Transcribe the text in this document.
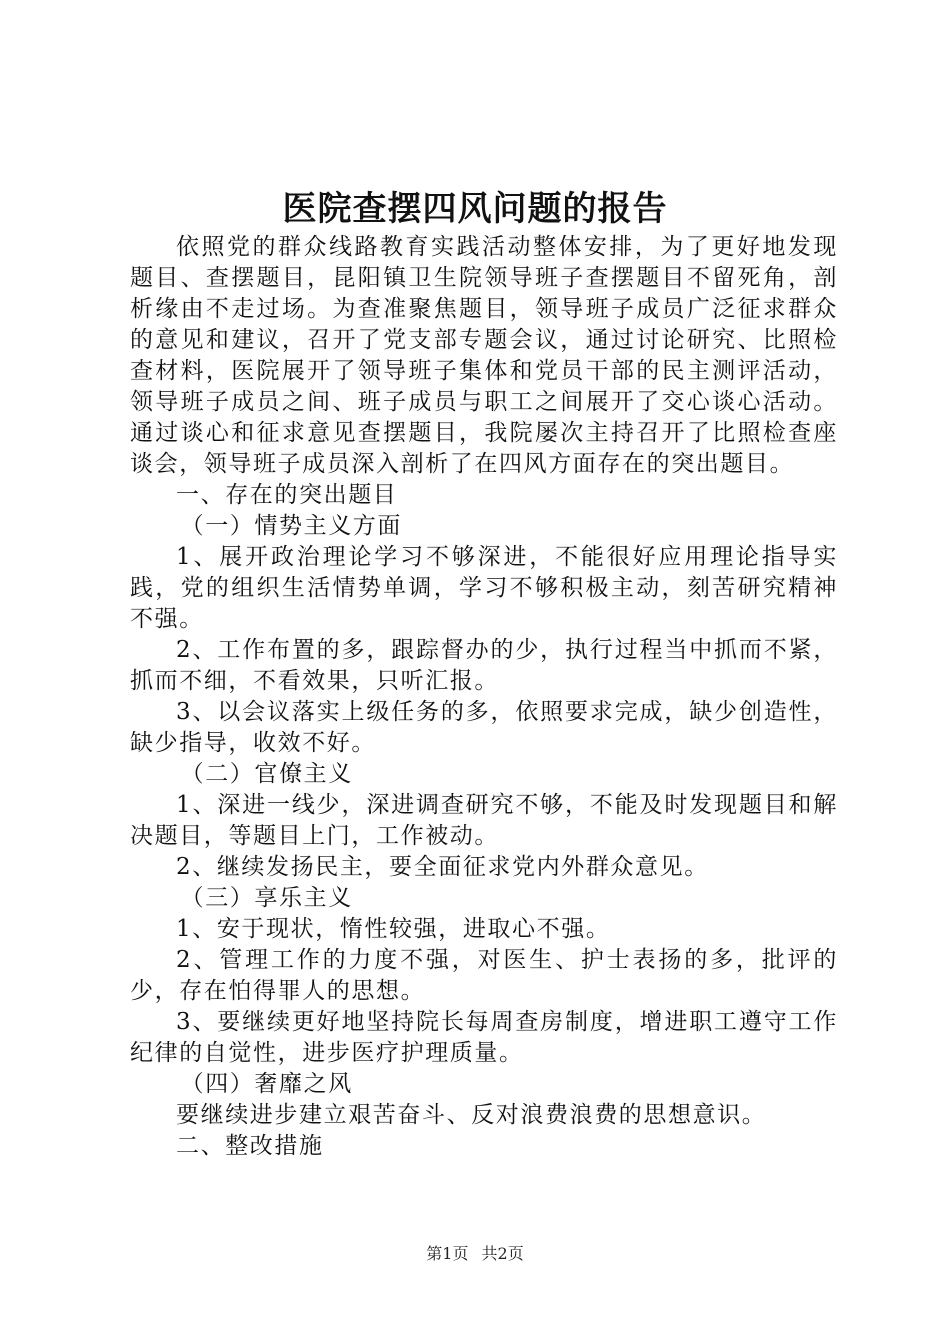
医院查摆四风问题的报告

依照党的群众线路教育实践活动整体安排，为了更好地发现题目、查摆题目，昆阳镇卫生院领导班子查摆题目不留死角，剖析缘由不走过场。为查准聚焦题目，领导班子成员广泛征求群众的意见和建议，召开了党支部专题会议，通过讨论研究、比照检查材料，医院展开了领导班子集体和党员干部的民主测评活动，领导班子成员之间、班子成员与职工之间展开了交心谈心活动。通过谈心和征求意见查摆题目，我院屡次主持召开了比照检查座谈会，领导班子成员深入剖析了在四风方面存在的突出题目。

一、存在的突出题目

（一）情势主义方面

1、展开政治理论学习不够深进，不能很好应用理论指导实践，党的组织生活情势单调，学习不够积极主动，刻苦研究精神不强。

2、工作布置的多，跟踪督办的少，执行过程当中抓而不紧，抓而不细，不看效果，只听汇报。

3、以会议落实上级任务的多，依照要求完成，缺少创造性，缺少指导，收效不好。

（二）官僚主义

1、深进一线少，深进调查研究不够，不能及时发现题目和解决题目，等题目上门，工作被动。

2、继续发扬民主，要全面征求党内外群众意见。

（三）享乐主义

1、安于现状，惰性较强，进取心不强。

2、管理工作的力度不强，对医生、护士表扬的多，批评的少，存在怕得罪人的思想。

3、要继续更好地坚持院长每周查房制度，增进职工遵守工作纪律的自觉性，进步医疗护理质量。

（四）奢靡之风

要继续进步建立艰苦奋斗、反对浪费浪费的思想意识。

二、整改措施

第1页 共2页
